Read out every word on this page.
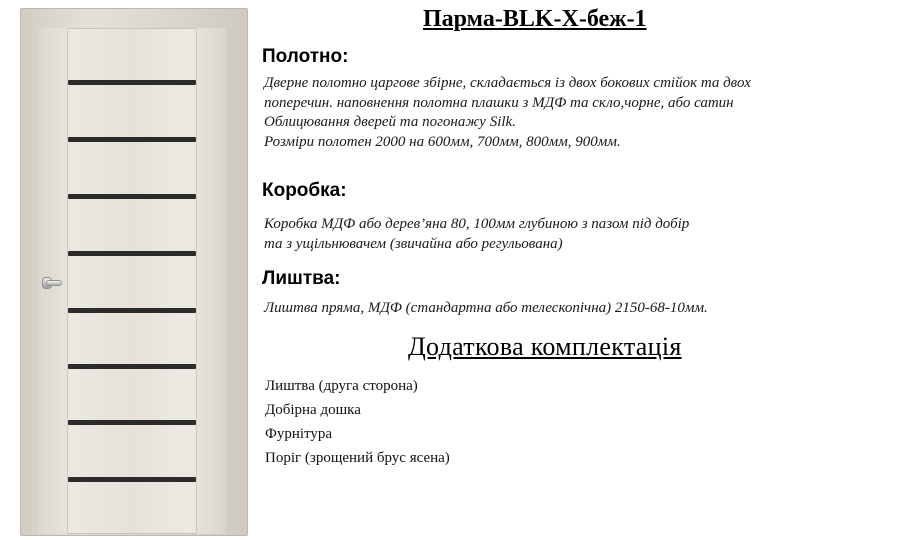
Парма-BLK-X-беж-1
Полотно:
Дверне полотно царгове збірне, складається із двох бокових стійок та двох
поперечин. наповнення полотна плашки з МДФ та скло,чорне, або сатин
Облицювання дверей та погонажу Silk.
Розміри полотен 2000 на 600мм, 700мм, 800мм, 900мм.
Коробка:
Коробка МДФ або дерев’яна 80, 100мм глубиною з пазом під добір
та з ущільнювачем (звичайна або регульована)
Лиштва:
Лиштва пряма, МДФ (стандартна або телескопічна) 2150-68-10мм.
Додаткова комплектація
Лиштва (друга сторона)
Добірна дошка
Фурнітура
Поріг (зрощений брус ясена)
